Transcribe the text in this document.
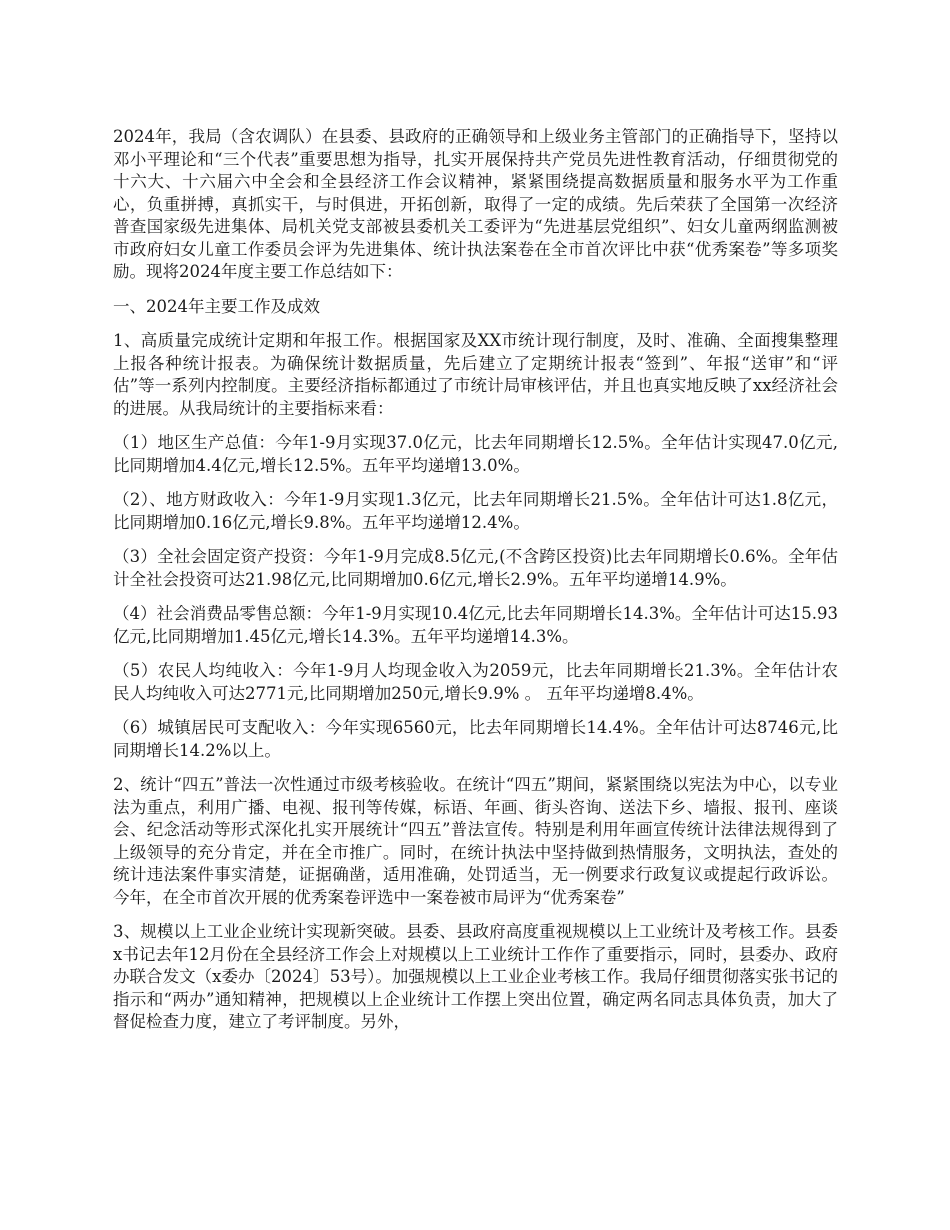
2024年，我局（含农调队）在县委、县政府的正确领导和上级业务主管部门的正确指导下，坚持以邓小平理论和“三个代表”重要思想为指导，扎实开展保持共产党员先进性教育活动，仔细贯彻党的十六大、十六届六中全会和全县经济工作会议精神，紧紧围绕提高数据质量和服务水平为工作重心，负重拼搏，真抓实干，与时俱进，开拓创新，取得了一定的成绩。先后荣获了全国第一次经济普查国家级先进集体、局机关党支部被县委机关工委评为“先进基层党组织”、妇女儿童两纲监测被市政府妇女儿童工作委员会评为先进集体、统计执法案卷在全市首次评比中获“优秀案卷”等多项奖励。现将2024年度主要工作总结如下：

一、2024年主要工作及成效

1、高质量完成统计定期和年报工作。根据国家及XX市统计现行制度，及时、准确、全面搜集整理上报各种统计报表。为确保统计数据质量，先后建立了定期统计报表“签到”、年报“送审”和“评估”等一系列内控制度。主要经济指标都通过了市统计局审核评估，并且也真实地反映了xx经济社会的进展。从我局统计的主要指标来看：

（1）地区生产总值：今年1-9月实现37.0亿元，比去年同期增长12.5%。全年估计实现47.0亿元,比同期增加4.4亿元,增长12.5%。五年平均递增13.0%。

（2）、地方财政收入：今年1-9月实现1.3亿元，比去年同期增长21.5%。全年估计可达1.8亿元，比同期增加0.16亿元,增长9.8%。五年平均递增12.4%。

（3）全社会固定资产投资：今年1-9月完成8.5亿元,(不含跨区投资)比去年同期增长0.6%。全年估计全社会投资可达21.98亿元,比同期增加0.6亿元,增长2.9%。五年平均递增14.9%。

（4）社会消费品零售总额：今年1-9月实现10.4亿元,比去年同期增长14.3%。全年估计可达15.93亿元,比同期增加1.45亿元,增长14.3%。五年平均递增14.3%。

（5）农民人均纯收入：今年1-9月人均现金收入为2059元，比去年同期增长21.3%。全年估计农民人均纯收入可达2771元,比同期增加250元,增长9.9% 。 五年平均递增8.4%。

（6）城镇居民可支配收入：今年实现6560元，比去年同期增长14.4%。全年估计可达8746元,比同期增长14.2%以上。

2、统计“四五”普法一次性通过市级考核验收。在统计“四五”期间，紧紧围绕以宪法为中心，以专业法为重点，利用广播、电视、报刊等传媒，标语、年画、街头咨询、送法下乡、墙报、报刊、座谈会、纪念活动等形式深化扎实开展统计“四五”普法宣传。特别是利用年画宣传统计法律法规得到了上级领导的充分肯定，并在全市推广。同时，在统计执法中坚持做到热情服务，文明执法，查处的统计违法案件事实清楚，证据确凿，适用准确，处罚适当，无一例要求行政复议或提起行政诉讼。今年，在全市首次开展的优秀案卷评选中一案卷被市局评为“优秀案卷”

3、规模以上工业企业统计实现新突破。县委、县政府高度重视规模以上工业统计及考核工作。县委x书记去年12月份在全县经济工作会上对规模以上工业统计工作作了重要指示，同时，县委办、政府办联合发文（x委办〔2024〕53号）。加强规模以上工业企业考核工作。我局仔细贯彻落实张书记的指示和“两办”通知精神，把规模以上企业统计工作摆上突出位置，确定两名同志具体负责，加大了督促检查力度，建立了考评制度。另外，
